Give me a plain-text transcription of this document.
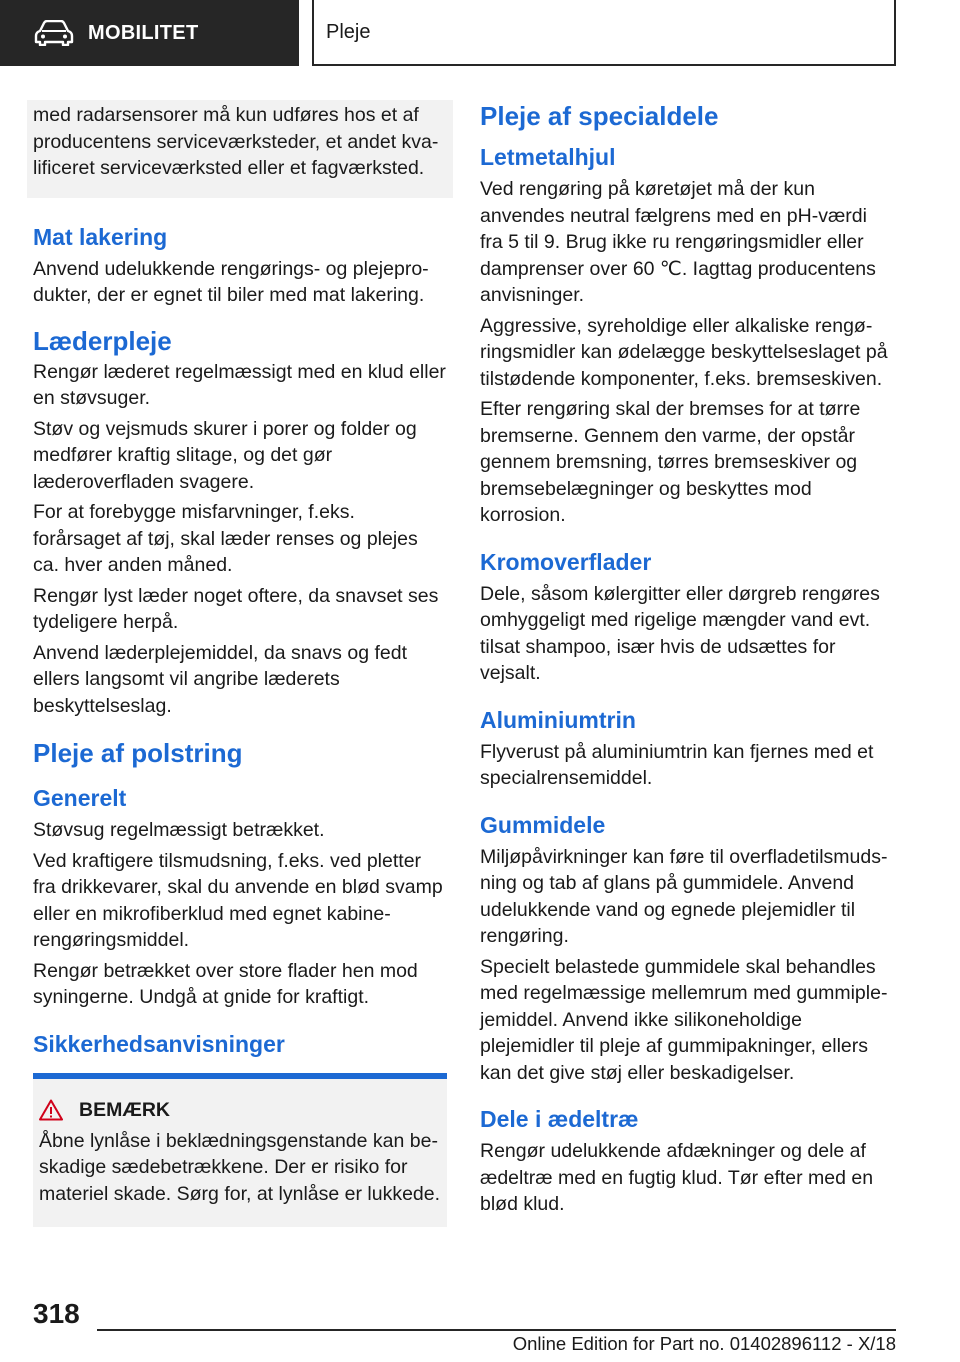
MOBILITET	Pleje

med radarsensorer må kun udføres hos et af producentens serviceværksteder, et andet kvalificeret serviceværksted eller et fagværksted.

Mat lakering

Anvend udelukkende rengørings- og plejeprodukter, der er egnet til biler med mat lakering.

Læderpleje

Rengør læderet regelmæssigt med en klud eller en støvsuger.

Støv og vejsmuds skurer i porer og folder og medfører kraftig slitage, og det gør læderoverfladen svagere.

For at forebygge misfarvninger, f.eks. forårsaget af tøj, skal læder renses og plejes ca. hver anden måned.

Rengør lyst læder noget oftere, da snavset ses tydeligere herpå.

Anvend læderplejemiddel, da snavs og fedt ellers langsomt vil angribe læderets beskyttelseslag.

Pleje af polstring
Generelt

Støvsug regelmæssigt betrækket.

Ved kraftigere tilsmudsning, f.eks. ved pletter fra drikkevarer, skal du anvende en blød svamp eller en mikrofiberklud med egnet kabine-rengøringsmiddel.

Rengør betrækket over store flader hen mod syningerne. Undgå at gnide for kraftigt.

Sikkerhedsanvisninger
BEMÆRK

Åbne lynlåse i beklædningsgenstande kan beskadige sædebetrækkene. Der er risiko for materiel skade. Sørg for, at lynlåse er lukkede.

Pleje af specialdele
Letmetalhjul

Ved rengøring på køretøjet må der kun anvendes neutral fælgrens med en pH-værdi fra 5 til 9. Brug ikke ru rengøringsmidler eller damprenser over 60 ℃. Iagttag producentens anvisninger.

Aggressive, syreholdige eller alkaliske rengøringsmidler kan ødelægge beskyttelseslaget på tilstødende komponenter, f.eks. bremseskiven.

Efter rengøring skal der bremses for at tørre bremserne. Gennem den varme, der opstår gennem bremsning, tørres bremseskiver og bremsebelægninger og beskyttes mod korrosion.

Kromoverflader

Dele, såsom kølergitter eller dørgreb rengøres omhyggeligt med rigelige mængder vand evt. tilsat shampoo, især hvis de udsættes for vejsalt.

Aluminiumtrin

Flyverust på aluminiumtrin kan fjernes med et specialrensemiddel.

Gummidele

Miljøpåvirkninger kan føre til overfladetilsmudsning og tab af glans på gummidele. Anvend udelukkende vand og egnede plejemidler til rengøring.

Specielt belastede gummidele skal behandles med regelmæssige mellemrum med gummiplejemiddel. Anvend ikke silikoneholdige plejemidler til pleje af gummipakninger, ellers kan det give støj eller beskadigelser.

Dele i ædeltræ

Rengør udelukkende afdækninger og dele af ædeltræ med en fugtig klud. Tør efter med en blød klud.

318
Online Edition for Part no. 01402896112 - X/18
